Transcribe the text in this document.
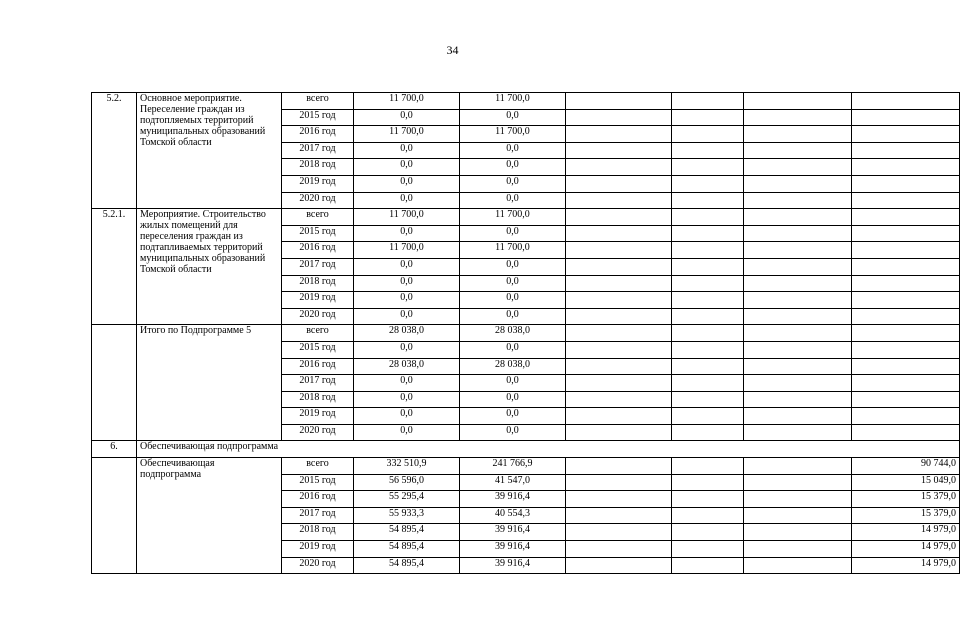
34
5.2.	Основное мероприятие. Переселение граждан из подтопляемых территорий муниципальных образований Томской области	всего	11 700,0	11 700,0				
		2015 год	0,0	0,0				
		2016 год	11 700,0	11 700,0				
		2017 год	0,0	0,0				
		2018 год	0,0	0,0				
		2019 год	0,0	0,0				
		2020 год	0,0	0,0				
5.2.1.	Мероприятие. Строительство жилых помещений для переселения граждан из подтапливаемых территорий муниципальных образований Томской области	всего	11 700,0	11 700,0				
		2015 год	0,0	0,0				
		2016 год	11 700,0	11 700,0				
		2017 год	0,0	0,0				
		2018 год	0,0	0,0				
		2019 год	0,0	0,0				
		2020 год	0,0	0,0				
	Итого по Подпрограмме 5	всего	28 038,0	28 038,0				
		2015 год	0,0	0,0				
		2016 год	28 038,0	28 038,0				
		2017 год	0,0	0,0				
		2018 год	0,0	0,0				
		2019 год	0,0	0,0				
		2020 год	0,0	0,0				
6.	Обеспечивающая подпрограмма							
	Обеспечивающая подпрограмма	всего	332 510,9	241 766,9				90 744,0
		2015 год	56 596,0	41 547,0				15 049,0
		2016 год	55 295,4	39 916,4				15 379,0
		2017 год	55 933,3	40 554,3				15 379,0
		2018 год	54 895,4	39 916,4				14 979,0
		2019 год	54 895,4	39 916,4				14 979,0
		2020 год	54 895,4	39 916,4				14 979,0
